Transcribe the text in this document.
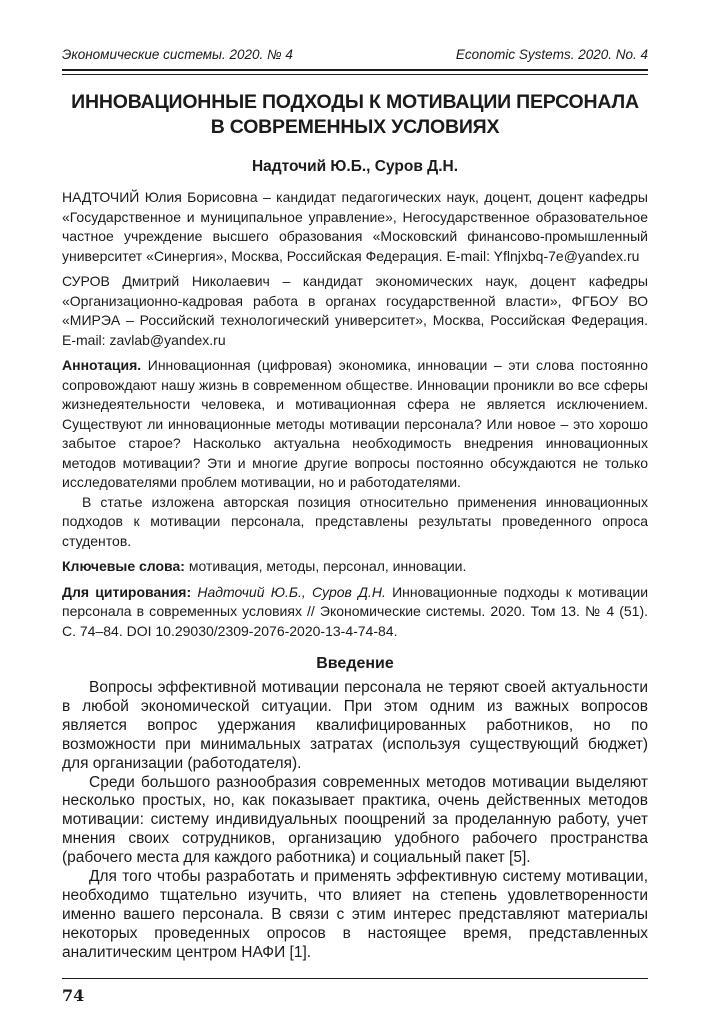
Экономические системы. 2020. № 4	Economic Systems. 2020. No. 4
ИННОВАЦИОННЫЕ ПОДХОДЫ К МОТИВАЦИИ ПЕРСОНАЛА
В СОВРЕМЕННЫХ УСЛОВИЯХ
Надточий Ю.Б., Суров Д.Н.

НАДТОЧИЙ Юлия Борисовна – кандидат педагогических наук, доцент, доцент кафедры «Государственное и муниципальное управление», Негосударственное образовательное частное учреждение высшего образования «Московский финансово-промышленный университет «Синергия», Москва, Российская Федерация. E-mail: Yflnjxbq-7e@yandex.ru

СУРОВ Дмитрий Николаевич – кандидат экономических наук, доцент кафедры «Организационно-кадровая работа в органах государственной власти», ФГБОУ ВО «МИРЭА – Российский технологический университет», Москва, Российская Федерация. E-mail: zavlab@yandex.ru

Аннотация. Инновационная (цифровая) экономика, инновации – эти слова постоянно сопровождают нашу жизнь в современном обществе. Инновации проникли во все сферы жизнедеятельности человека, и мотивационная сфера не является исключением. Существуют ли инновационные методы мотивации персонала? Или новое – это хорошо забытое старое? Насколько актуальна необходимость внедрения инновационных методов мотивации? Эти и многие другие вопросы постоянно обсуждаются не только исследователями проблем мотивации, но и работодателями.

В статье изложена авторская позиция относительно применения инновационных подходов к мотивации персонала, представлены результаты проведенного опроса студентов.

Ключевые слова: мотивация, методы, персонал, инновации.

Для цитирования: Надточий Ю.Б., Суров Д.Н. Инновационные подходы к мотивации персонала в современных условиях // Экономические системы. 2020. Том 13. № 4 (51). С. 74–84. DOI 10.29030/2309-2076-2020-13-4-74-84.

Введение

Вопросы эффективной мотивации персонала не теряют своей актуальности в любой экономической ситуации. При этом одним из важных вопросов является вопрос удержания квалифицированных работников, но по возможности при минимальных затратах (используя существующий бюджет) для организации (работодателя).

Среди большого разнообразия современных методов мотивации выделяют несколько простых, но, как показывает практика, очень действенных методов мотивации: систему индивидуальных поощрений за проделанную работу, учет мнения своих сотрудников, организацию удобного рабочего пространства (рабочего места для каждого работника) и социальный пакет [5].

Для того чтобы разработать и применять эффективную систему мотивации, необходимо тщательно изучить, что влияет на степень удовлетворенности именно вашего персонала. В связи с этим интерес представляют материалы некоторых проведенных опросов в настоящее время, представленных аналитическим центром НАФИ [1].

74
